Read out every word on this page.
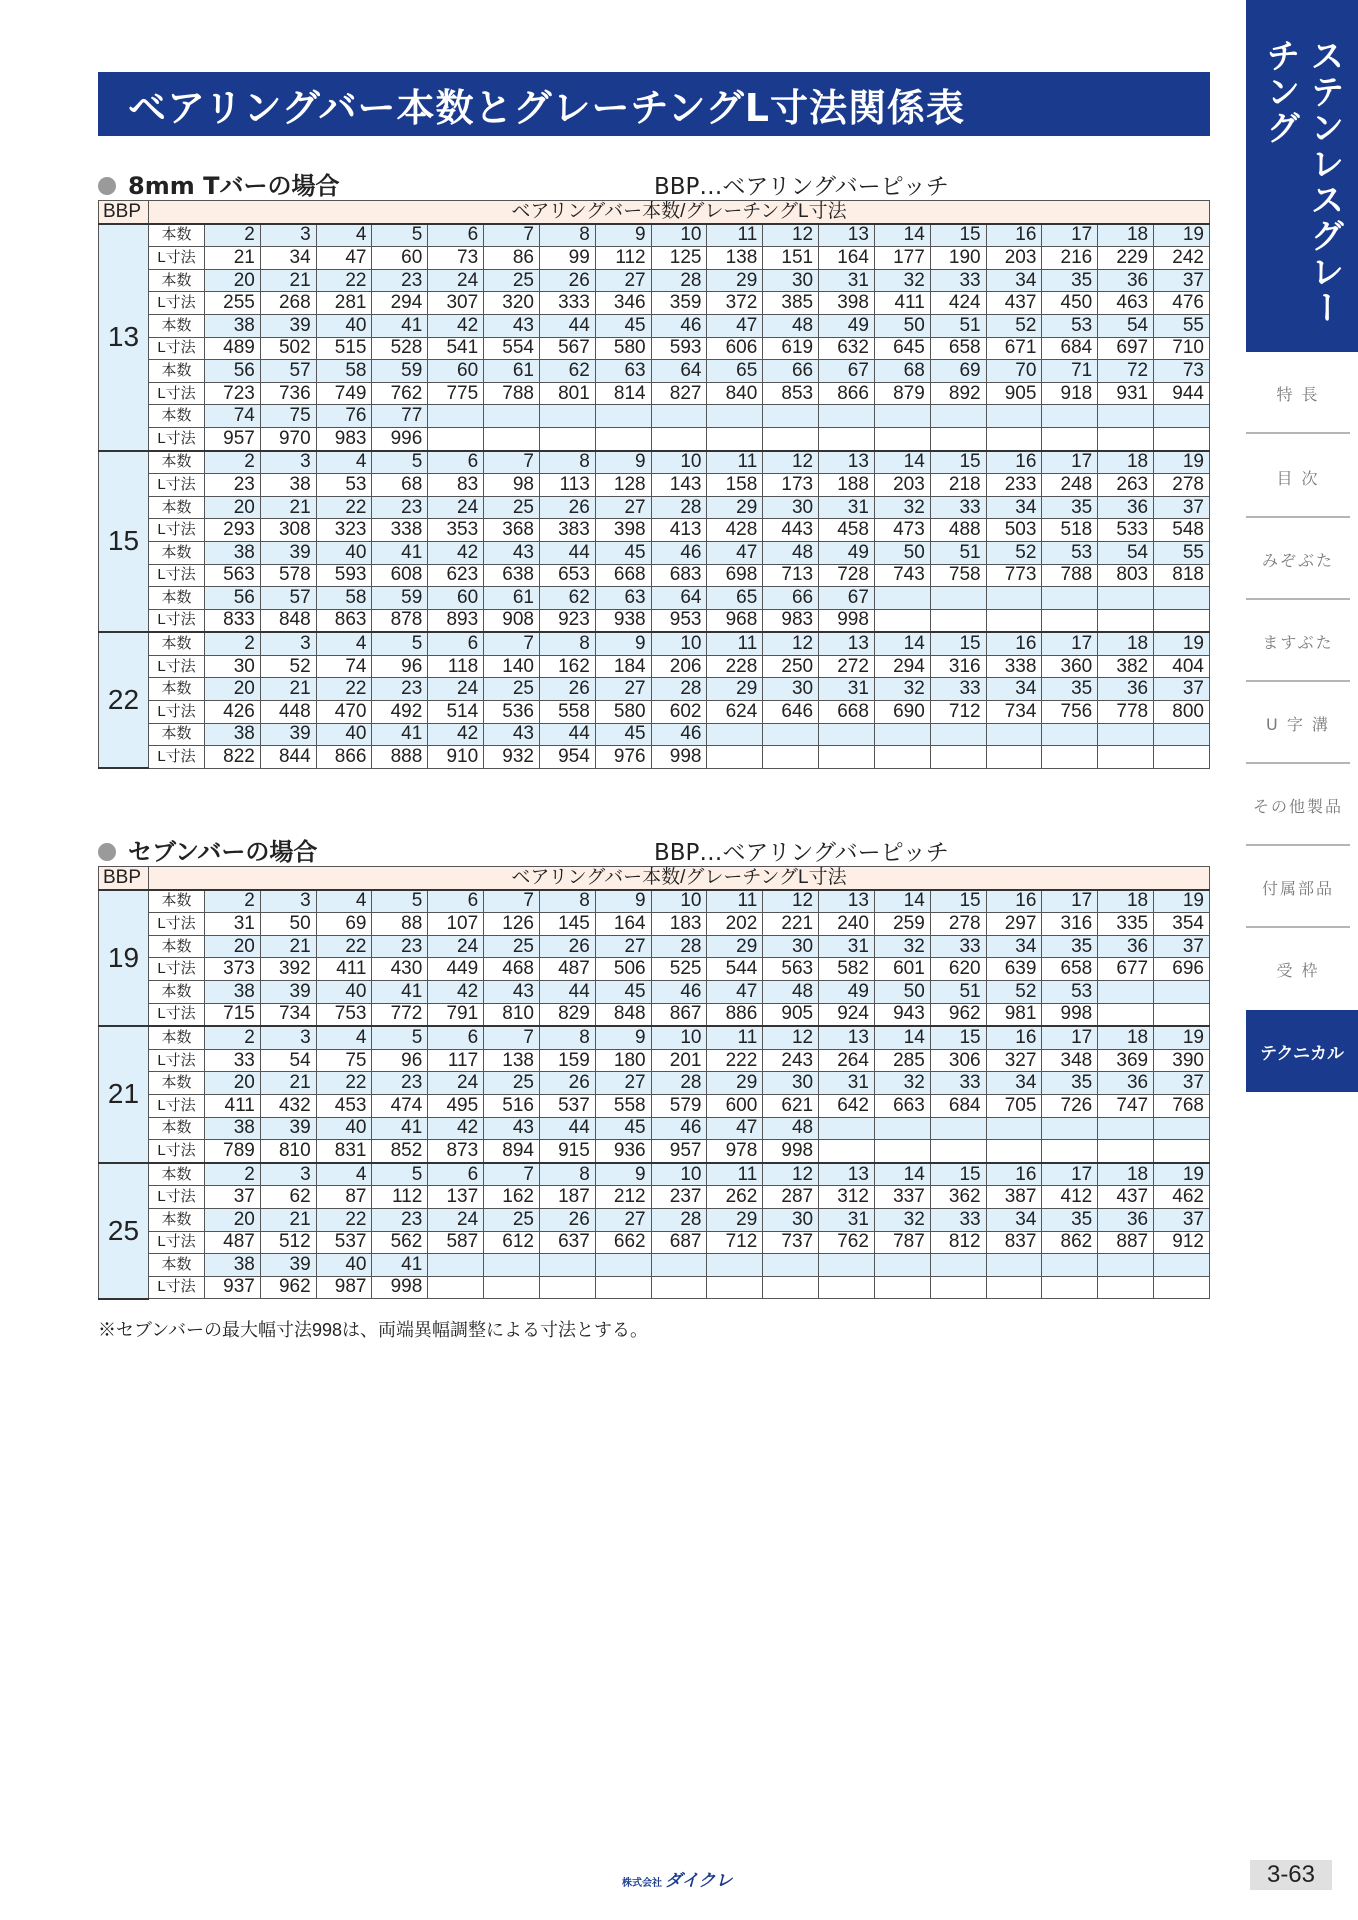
ベアリングバー本数とグレーチングL寸法関係表
8mm Tバーの場合	BBP…ベアリングバーピッチ
BBP	ベアリングバー本数/グレーチングL寸法																		
13	本数	2	3	4	5	6	7	8	9	10	11	12	13	14	15	16	17	18	19
	L寸法	21	34	47	60	73	86	99	112	125	138	151	164	177	190	203	216	229	242
	本数	20	21	22	23	24	25	26	27	28	29	30	31	32	33	34	35	36	37
	L寸法	255	268	281	294	307	320	333	346	359	372	385	398	411	424	437	450	463	476
	本数	38	39	40	41	42	43	44	45	46	47	48	49	50	51	52	53	54	55
	L寸法	489	502	515	528	541	554	567	580	593	606	619	632	645	658	671	684	697	710
	本数	56	57	58	59	60	61	62	63	64	65	66	67	68	69	70	71	72	73
	L寸法	723	736	749	762	775	788	801	814	827	840	853	866	879	892	905	918	931	944
	本数	74	75	76	77														
	L寸法	957	970	983	996														
15	本数	2	3	4	5	6	7	8	9	10	11	12	13	14	15	16	17	18	19
	L寸法	23	38	53	68	83	98	113	128	143	158	173	188	203	218	233	248	263	278
	本数	20	21	22	23	24	25	26	27	28	29	30	31	32	33	34	35	36	37
	L寸法	293	308	323	338	353	368	383	398	413	428	443	458	473	488	503	518	533	548
	本数	38	39	40	41	42	43	44	45	46	47	48	49	50	51	52	53	54	55
	L寸法	563	578	593	608	623	638	653	668	683	698	713	728	743	758	773	788	803	818
	本数	56	57	58	59	60	61	62	63	64	65	66	67						
	L寸法	833	848	863	878	893	908	923	938	953	968	983	998						
22	本数	2	3	4	5	6	7	8	9	10	11	12	13	14	15	16	17	18	19
	L寸法	30	52	74	96	118	140	162	184	206	228	250	272	294	316	338	360	382	404
	本数	20	21	22	23	24	25	26	27	28	29	30	31	32	33	34	35	36	37
	L寸法	426	448	470	492	514	536	558	580	602	624	646	668	690	712	734	756	778	800
	本数	38	39	40	41	42	43	44	45	46									
	L寸法	822	844	866	888	910	932	954	976	998									
セブンバーの場合	BBP…ベアリングバーピッチ
BBP	ベアリングバー本数/グレーチングL寸法																		
19	本数	2	3	4	5	6	7	8	9	10	11	12	13	14	15	16	17	18	19
	L寸法	31	50	69	88	107	126	145	164	183	202	221	240	259	278	297	316	335	354
	本数	20	21	22	23	24	25	26	27	28	29	30	31	32	33	34	35	36	37
	L寸法	373	392	411	430	449	468	487	506	525	544	563	582	601	620	639	658	677	696
	本数	38	39	40	41	42	43	44	45	46	47	48	49	50	51	52	53		
	L寸法	715	734	753	772	791	810	829	848	867	886	905	924	943	962	981	998		
21	本数	2	3	4	5	6	7	8	9	10	11	12	13	14	15	16	17	18	19
	L寸法	33	54	75	96	117	138	159	180	201	222	243	264	285	306	327	348	369	390
	本数	20	21	22	23	24	25	26	27	28	29	30	31	32	33	34	35	36	37
	L寸法	411	432	453	474	495	516	537	558	579	600	621	642	663	684	705	726	747	768
	本数	38	39	40	41	42	43	44	45	46	47	48							
	L寸法	789	810	831	852	873	894	915	936	957	978	998							
25	本数	2	3	4	5	6	7	8	9	10	11	12	13	14	15	16	17	18	19
	L寸法	37	62	87	112	137	162	187	212	237	262	287	312	337	362	387	412	437	462
	本数	20	21	22	23	24	25	26	27	28	29	30	31	32	33	34	35	36	37
	L寸法	487	512	537	562	587	612	637	662	687	712	737	762	787	812	837	862	887	912
	本数	38	39	40	41														
	L寸法	937	962	987	998														
※セブンバーの最大幅寸法998は、両端異幅調整による寸法とする。
ステンレスグレーチング
特 長
目 次
みぞぶた
ますぶた
U 字 溝
その他製品
付属部品
受 枠
テクニカル
株式会社 ダイクレ	3-63
